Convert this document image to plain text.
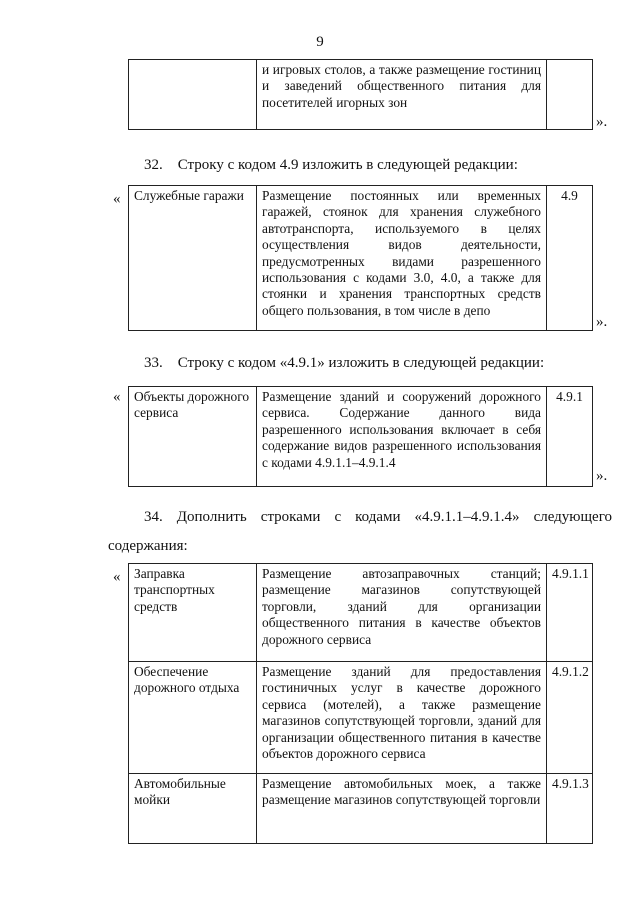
9
	и игровых столов, а также размещение гостиниц и заведений общественного питания для посетителей игорных зон	
».
32. Строку с кодом 4.9 изложить в следующей редакции:
« Служебные гаражи	Размещение постоянных или временных гаражей, стоянок для хранения служебного автотранспорта, используемого в целях осуществления видов деятельности, предусмотренных видами разрешенного использования с кодами 3.0, 4.0, а также для стоянки и хранения транспортных средств общего пользования, в том числе в депо	4.9
».
33. Строку с кодом «4.9.1» изложить в следующей редакции:
« Объекты дорожного сервиса	Размещение зданий и сооружений дорожного сервиса. Содержание данного вида разрешенного использования включает в себя содержание видов разрешенного использования с кодами 4.9.1.1–4.9.1.4	4.9.1
».
34. Дополнить строками с кодами «4.9.1.1–4.9.1.4» следующего
содержания:
« Заправка транспортных средств	Размещение автозаправочных станций; размещение магазинов сопутствующей торговли, зданий для организации общественного питания в качестве объектов дорожного сервиса	4.9.1.1
Обеспечение дорожного отдыха	Размещение зданий для предоставления гостиничных услуг в качестве дорожного сервиса (мотелей), а также размещение магазинов сопутствующей торговли, зданий для организации общественного питания в качестве объектов дорожного сервиса	4.9.1.2
Автомобильные мойки	Размещение автомобильных моек, а также размещение магазинов сопутствующей торговли	4.9.1.3
